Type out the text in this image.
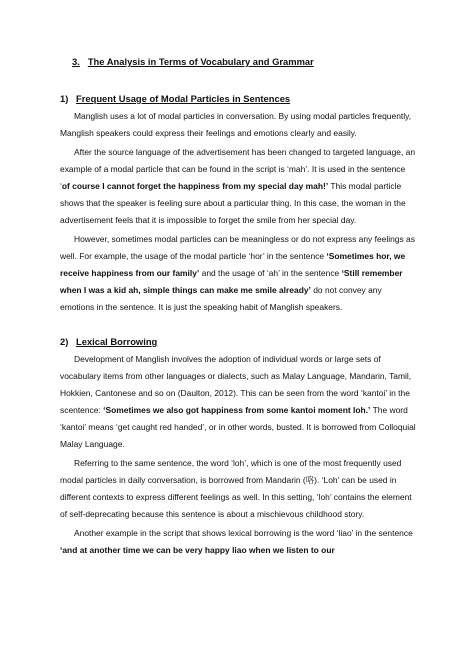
3. The Analysis in Terms of Vocabulary and Grammar
1) Frequent Usage of Modal Particles in Sentences

Manglish uses a lot of modal particles in conversation. By using modal particles frequently, Manglish speakers could express their feelings and emotions clearly and easily.

After the source language of the advertisement has been changed to targeted language, an example of a modal particle that can be found in the script is ‘mah’. It is used in the sentence ‘of course I cannot forget the happiness from my special day mah!’ This modal particle shows that the speaker is feeling sure about a particular thing. In this case, the woman in the advertisement feels that it is impossible to forget the smile from her special day.

However, sometimes modal particles can be meaningless or do not express any feelings as well. For example, the usage of the modal particle ‘hor’ in the sentence ‘Sometimes hor, we receive happiness from our family’ and the usage of ‘ah’ in the sentence ‘Still remember when I was a kid ah, simple things can make me smile already’ do not convey any emotions in the sentence. It is just the speaking habit of Manglish speakers.

2) Lexical Borrowing

Development of Manglish involves the adoption of individual words or large sets of vocabulary items from other languages or dialects, such as Malay Language, Mandarin, Tamil, Hokkien, Cantonese and so on (Daulton, 2012). This can be seen from the word ‘kantoi’ in the scentence: ‘Sometimes we also got happiness from some kantoi moment loh.’ The word ‘kantoi’ means ‘get caught red handed’, or in other words, busted. It is borrowed from Colloquial Malay Language.

Referring to the same sentence, the word ‘loh’, which is one of the most frequently used modal particles in daily conversation, is borrowed from Mandarin (咯). ‘Loh’ can be used in different contexts to express different feelings as well. In this setting, ‘loh’ contains the element of self-deprecating because this sentence is about a mischievous childhood story.

Another example in the script that shows lexical borrowing is the word ‘liao’ in the sentence ‘and at another time we can be very happy liao when we listen to our
